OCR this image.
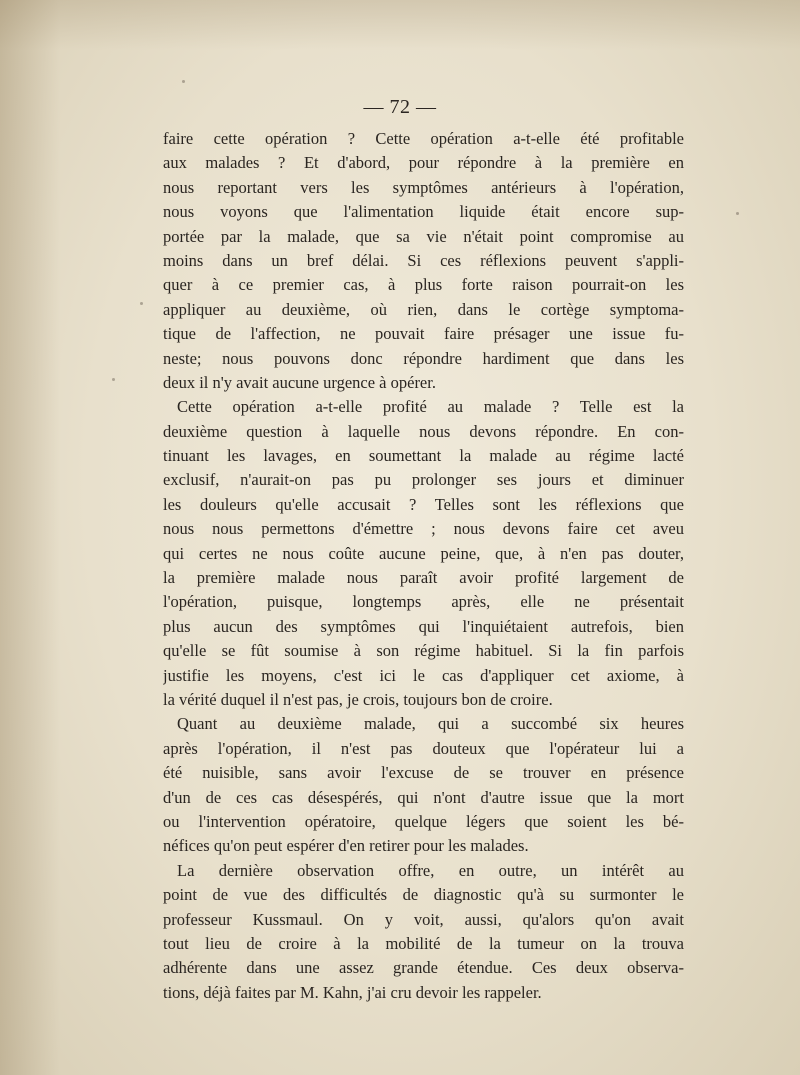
— 72 —
faire cette opération ? Cette opération a-t-elle été profitable
aux malades ? Et d'abord, pour répondre à la première en
nous reportant vers les symptômes antérieurs à l'opération,
nous voyons que l'alimentation liquide était encore sup-
portée par la malade, que sa vie n'était point compromise au
moins dans un bref délai. Si ces réflexions peuvent s'appli-
quer à ce premier cas, à plus forte raison pourrait-on les
appliquer au deuxième, où rien, dans le cortège symptoma-
tique de l'affection, ne pouvait faire présager une issue fu-
neste; nous pouvons donc répondre hardiment que dans les
deux il n'y avait aucune urgence à opérer.
Cette opération a-t-elle profité au malade ? Telle est la
deuxième question à laquelle nous devons répondre. En con-
tinuant les lavages, en soumettant la malade au régime lacté
exclusif, n'aurait-on pas pu prolonger ses jours et diminuer
les douleurs qu'elle accusait ? Telles sont les réflexions que
nous nous permettons d'émettre ; nous devons faire cet aveu
qui certes ne nous coûte aucune peine, que, à n'en pas douter,
la première malade nous paraît avoir profité largement de
l'opération, puisque, longtemps après, elle ne présentait
plus aucun des symptômes qui l'inquiétaient autrefois, bien
qu'elle se fût soumise à son régime habituel. Si la fin parfois
justifie les moyens, c'est ici le cas d'appliquer cet axiome, à
la vérité duquel il n'est pas, je crois, toujours bon de croire.
Quant au deuxième malade, qui a succombé six heures
après l'opération, il n'est pas douteux que l'opérateur lui a
été nuisible, sans avoir l'excuse de se trouver en présence
d'un de ces cas désespérés, qui n'ont d'autre issue que la mort
ou l'intervention opératoire, quelque légers que soient les bé-
néfices qu'on peut espérer d'en retirer pour les malades.
La dernière observation offre, en outre, un intérêt au
point de vue des difficultés de diagnostic qu'à su surmonter le
professeur Kussmaul. On y voit, aussi, qu'alors qu'on avait
tout lieu de croire à la mobilité de la tumeur on la trouva
adhérente dans une assez grande étendue. Ces deux observa-
tions, déjà faites par M. Kahn, j'ai cru devoir les rappeler.
